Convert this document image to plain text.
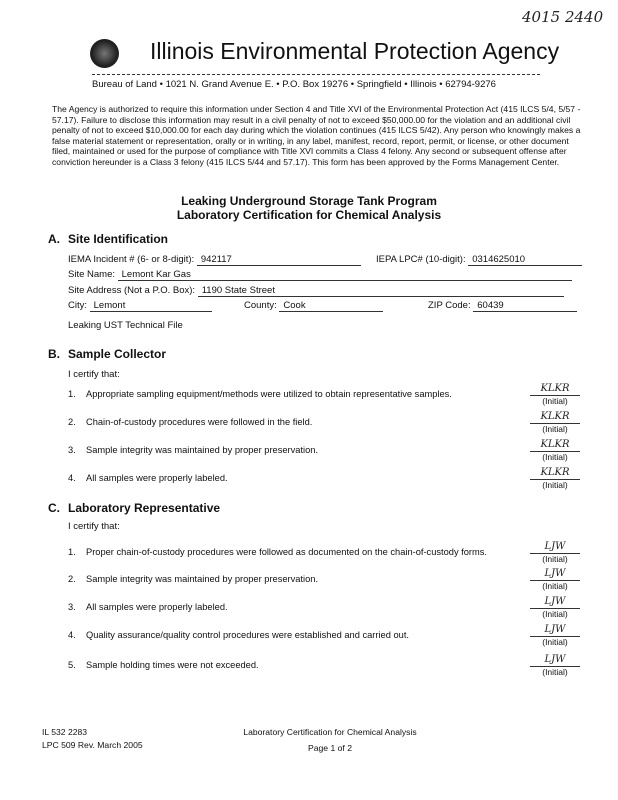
4015 2440
Illinois Environmental Protection Agency
Bureau of Land • 1021 N. Grand Avenue E. • P.O. Box 19276 • Springfield • Illinois • 62794-9276
The Agency is authorized to require this information under Section 4 and Title XVI of the Environmental Protection Act (415 ILCS 5/4, 5/57 - 57.17). Failure to disclose this information may result in a civil penalty of not to exceed $50,000.00 for the violation and an additional civil penalty of not to exceed $10,000.00 for each day during which the violation continues (415 ILCS 5/42). Any person who knowingly makes a false material statement or representation, orally or in writing, in any label, manifest, record, report, permit, or license, or other document filed, maintained or used for the purpose of compliance with Title XVI commits a Class 4 felony. Any second or subsequent offense after conviction hereunder is a Class 3 felony (415 ILCS 5/44 and 57.17). This form has been approved by the Forms Management Center.
Leaking Underground Storage Tank Program
Laboratory Certification for Chemical Analysis
A. Site Identification
IEMA Incident # (6- or 8-digit): 942117	IEPA LPC# (10-digit): 0314625010
Site Name: Lemont Kar Gas
Site Address (Not a P.O. Box): 1190 State Street
City: Lemont	County: Cook	ZIP Code: 60439
Leaking UST Technical File
B. Sample Collector
I certify that:
1. Appropriate sampling equipment/methods were utilized to obtain representative samples.	KLKR
(Initial)
2. Chain-of-custody procedures were followed in the field.	KLKR
(Initial)
3. Sample integrity was maintained by proper preservation.	KLKR
(Initial)
4. All samples were properly labeled.	KLKR
(Initial)
C. Laboratory Representative
I certify that:
1. Proper chain-of-custody procedures were followed as documented on the chain-of-custody forms.	LJW
(Initial)
2. Sample integrity was maintained by proper preservation.	LJW
(Initial)
3. All samples were properly labeled.	LJW
(Initial)
4. Quality assurance/quality control procedures were established and carried out.	LJW
(Initial)
5. Sample holding times were not exceeded.	LJW
(Initial)
IL 532 2283
LPC 509 Rev. March 2005
Laboratory Certification for Chemical Analysis
Page 1 of 2
